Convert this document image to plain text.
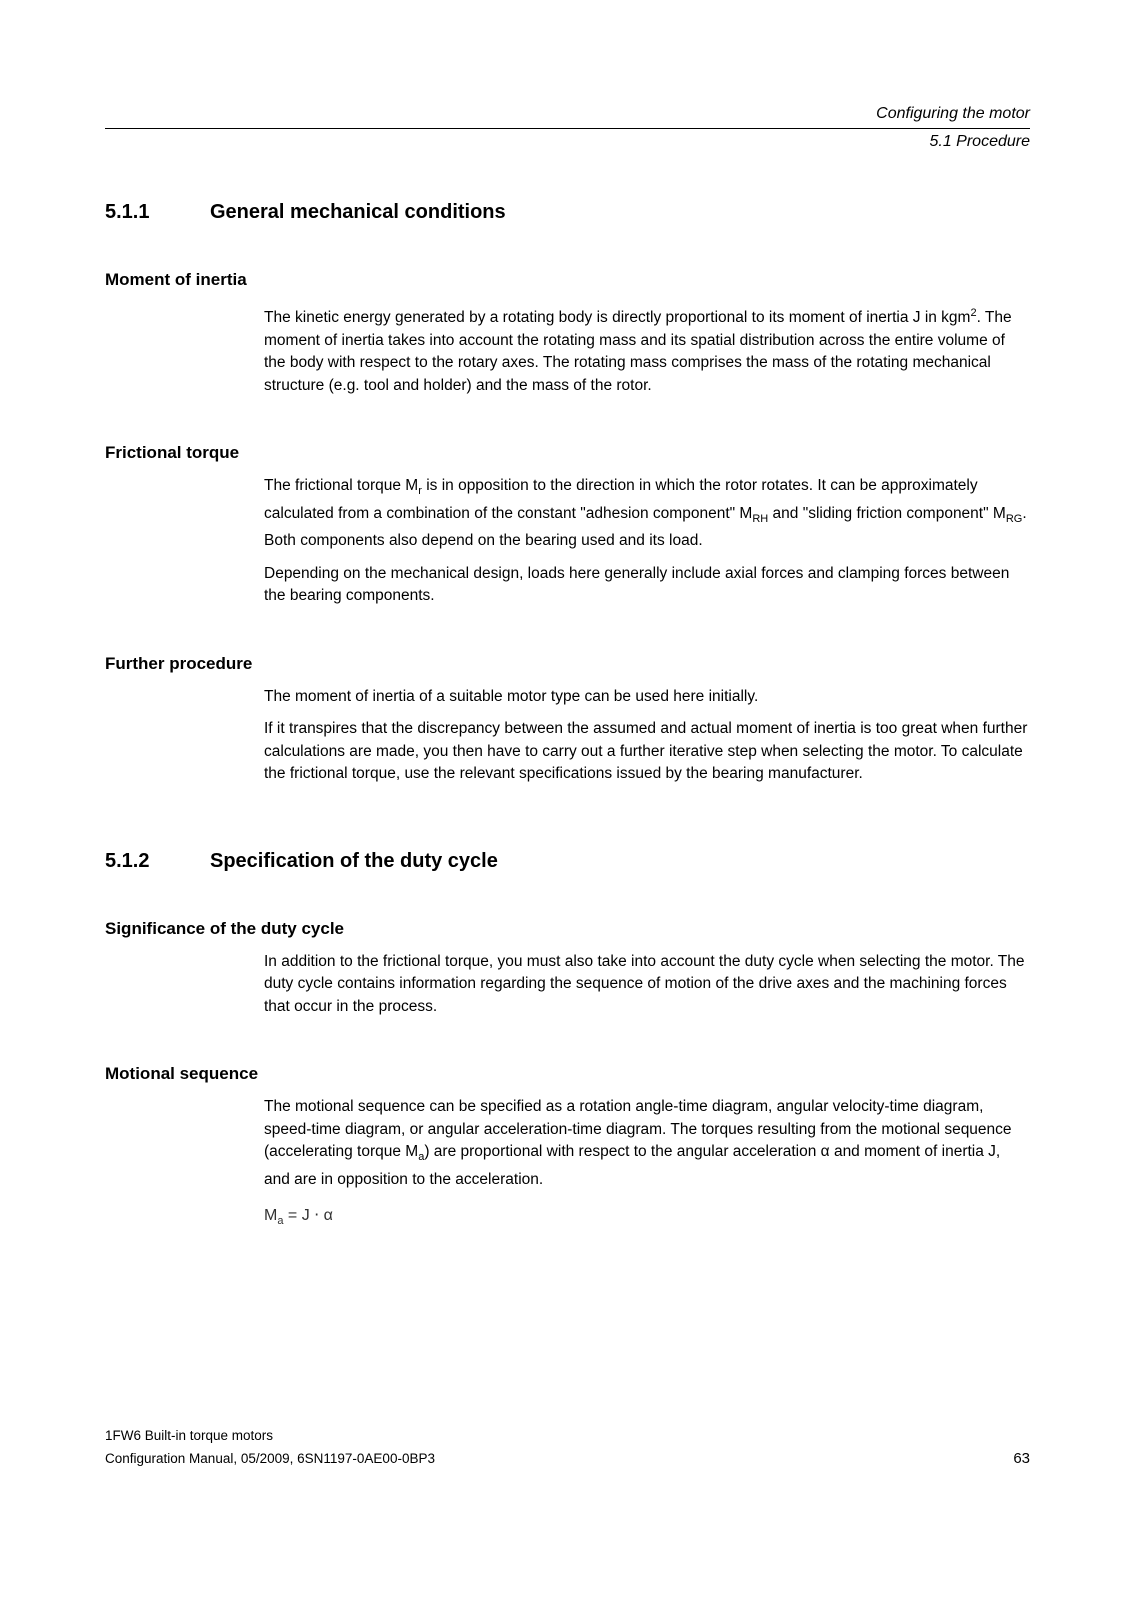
Configuring the motor
5.1 Procedure
5.1.1	General mechanical conditions
Moment of inertia

The kinetic energy generated by a rotating body is directly proportional to its moment of inertia J in kgm$^2$. The moment of inertia takes into account the rotating mass and its spatial distribution across the entire volume of the body with respect to the rotary axes. The rotating mass comprises the mass of the rotating mechanical structure (e.g. tool and holder) and the mass of the rotor.

Frictional torque

The frictional torque $M_r$ is in opposition to the direction in which the rotor rotates. It can be approximately calculated from a combination of the constant "adhesion component" $M_{RH}$ and "sliding friction component" $M_{RG}$. Both components also depend on the bearing used and its load.

Depending on the mechanical design, loads here generally include axial forces and clamping forces between the bearing components.

Further procedure

The moment of inertia of a suitable motor type can be used here initially.

If it transpires that the discrepancy between the assumed and actual moment of inertia is too great when further calculations are made, you then have to carry out a further iterative step when selecting the motor. To calculate the frictional torque, use the relevant specifications issued by the bearing manufacturer.

5.1.2	Specification of the duty cycle
Significance of the duty cycle

In addition to the frictional torque, you must also take into account the duty cycle when selecting the motor. The duty cycle contains information regarding the sequence of motion of the drive axes and the machining forces that occur in the process.

Motional sequence

The motional sequence can be specified as a rotation angle-time diagram, angular velocity-time diagram, speed-time diagram, or angular acceleration-time diagram. The torques resulting from the motional sequence (accelerating torque $M_a$) are proportional with respect to the angular acceleration α and moment of inertia J, and are in opposition to the acceleration.

$M_a = J \cdot \alpha$

1FW6 Built-in torque motors
Configuration Manual, 05/2009, 6SN1197-0AE00-0BP3	63
